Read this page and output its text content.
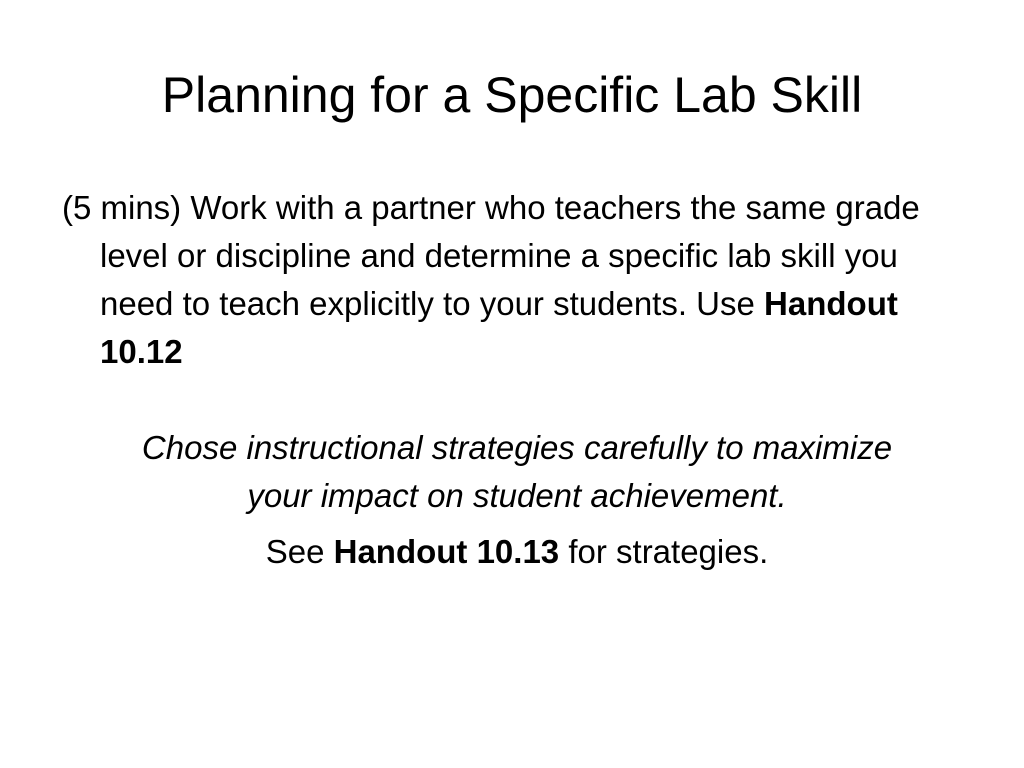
Planning for a Specific Lab Skill

(5 mins) Work with a partner who teachers the same grade level or discipline and determine a specific lab skill you need to teach explicitly to your students. Use Handout 10.12

Chose instructional strategies carefully to maximize your impact on student achievement.

See Handout 10.13 for strategies.
